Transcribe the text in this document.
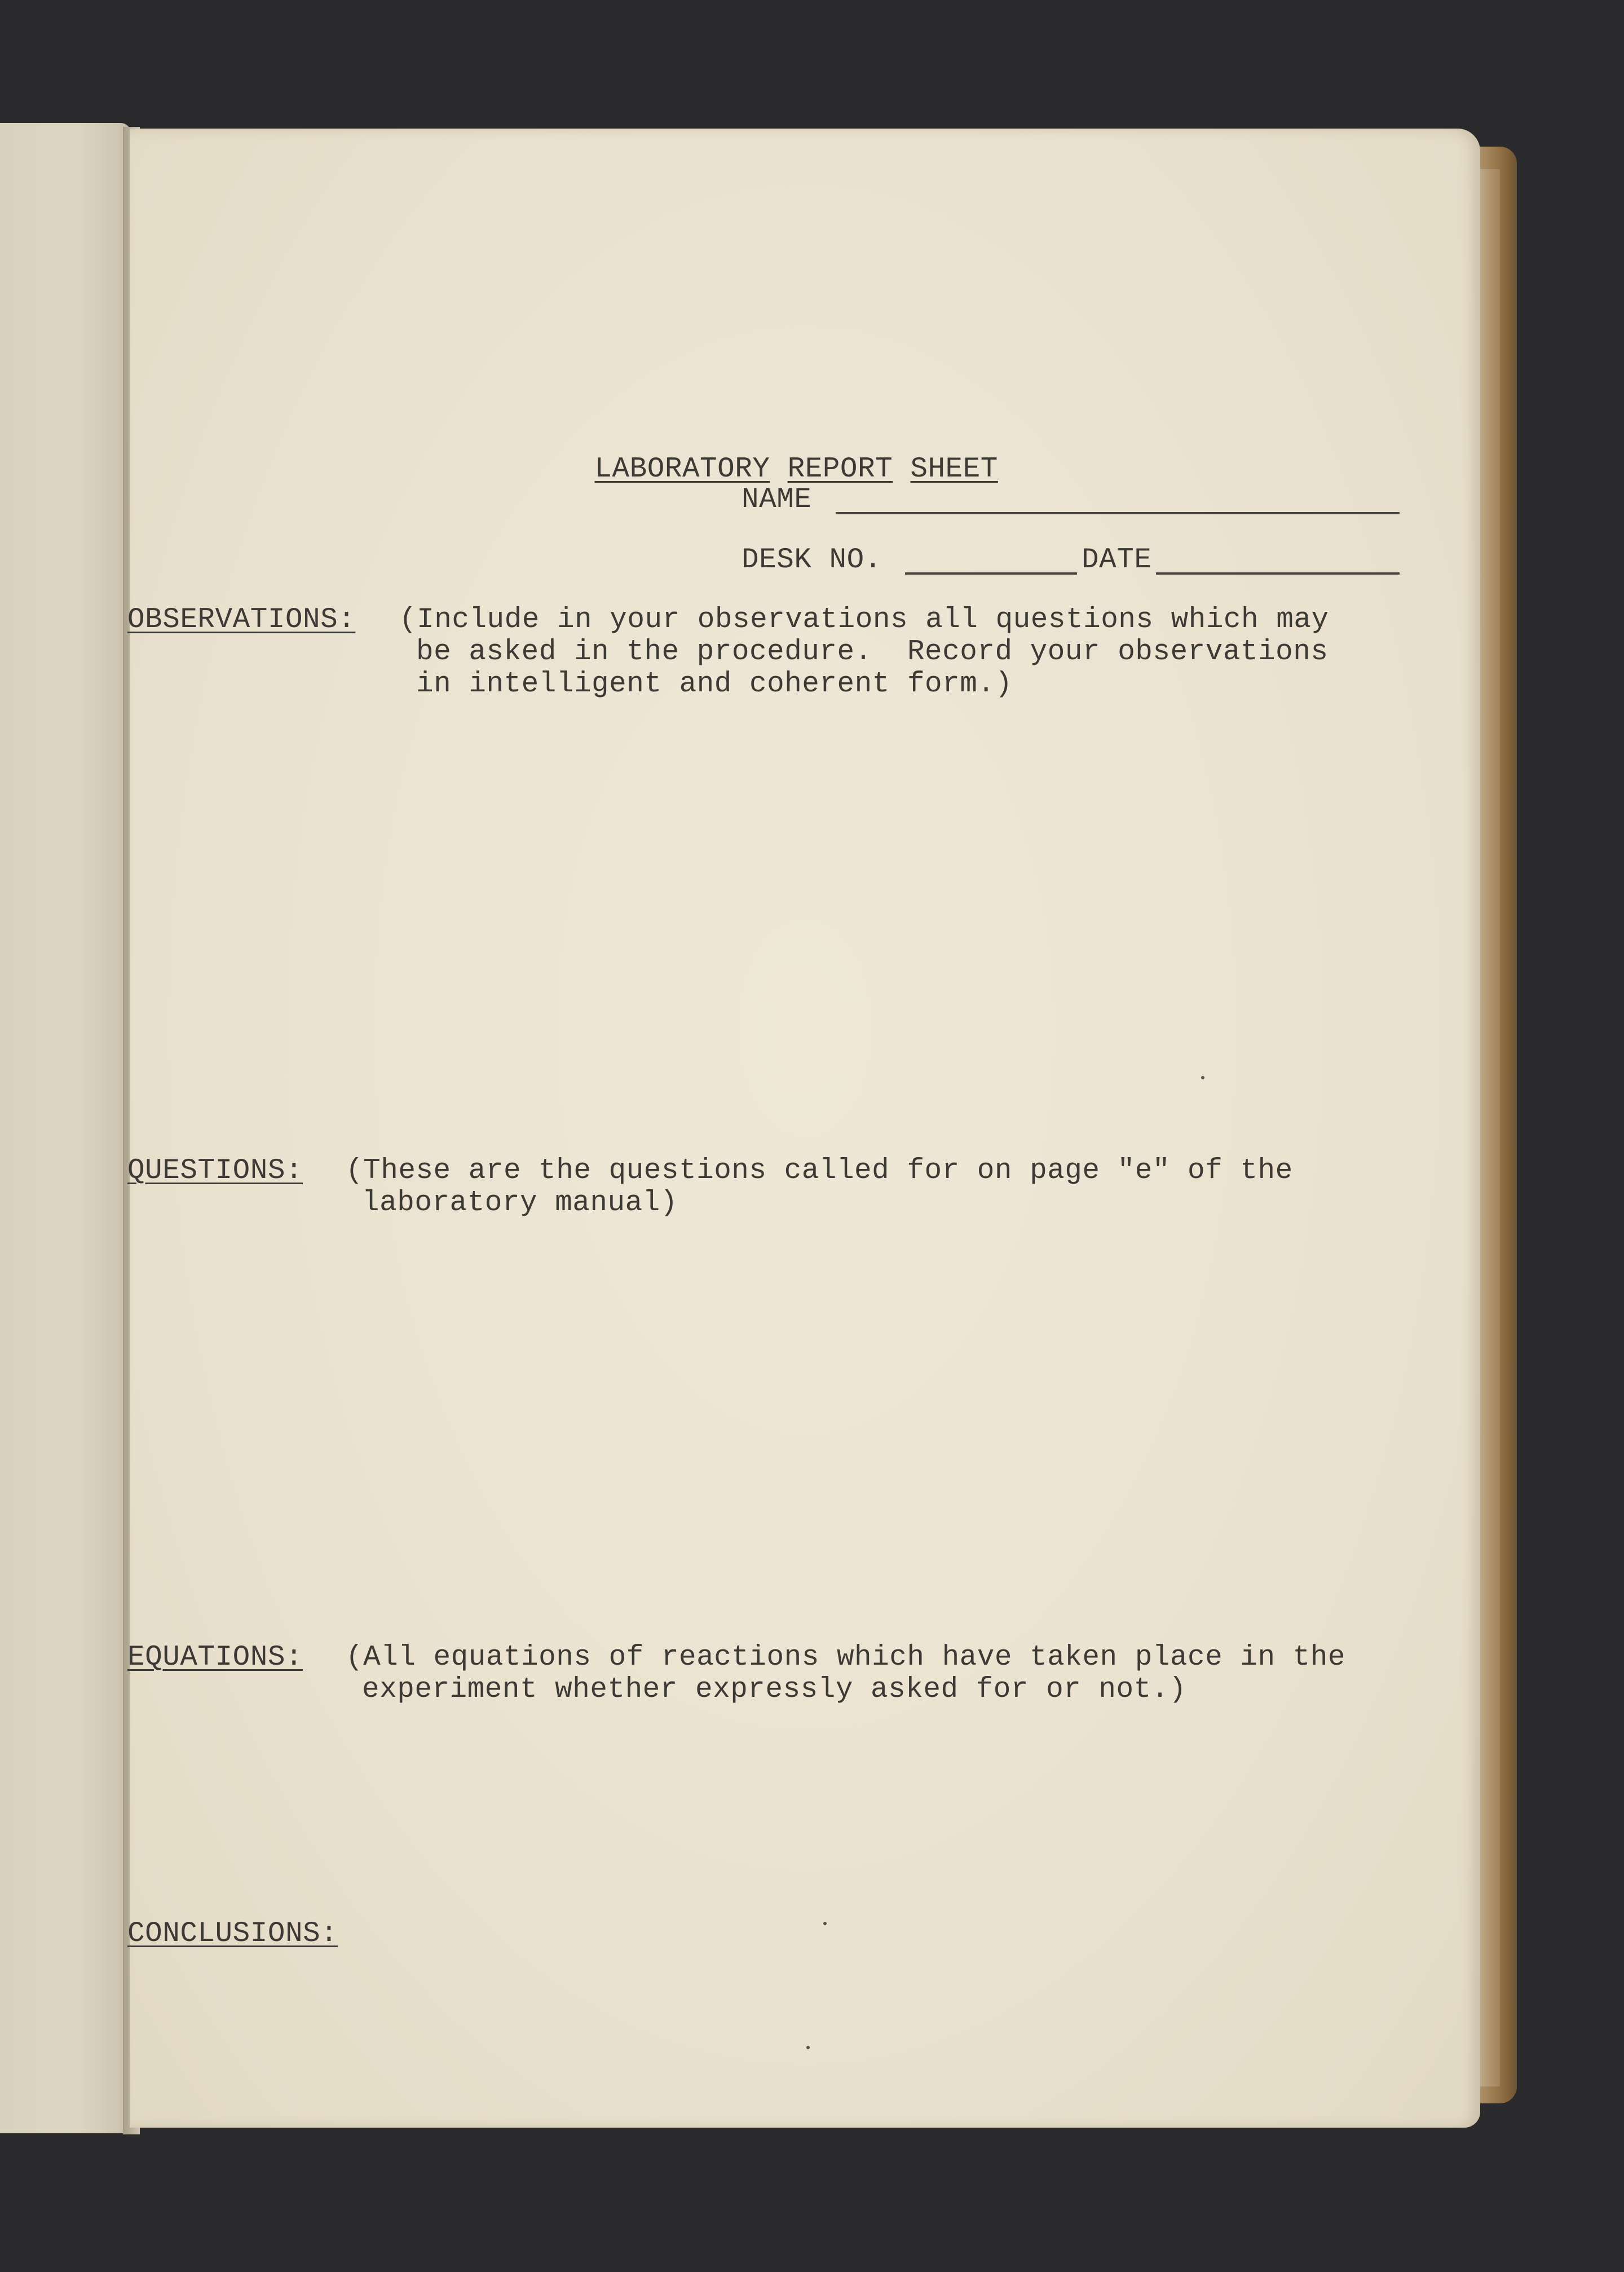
LABORATORY REPORT SHEET

NAME
DESK NO.	DATE
OBSERVATIONS: (Include in your observations all questions which may
be asked in the procedure.  Record your observations
in intelligent and coherent form.)
QUESTIONS: (These are the questions called for on page "e" of the
laboratory manual)
EQUATIONS: (All equations of reactions which have taken place in the
experiment whether expressly asked for or not.)
CONCLUSIONS:
